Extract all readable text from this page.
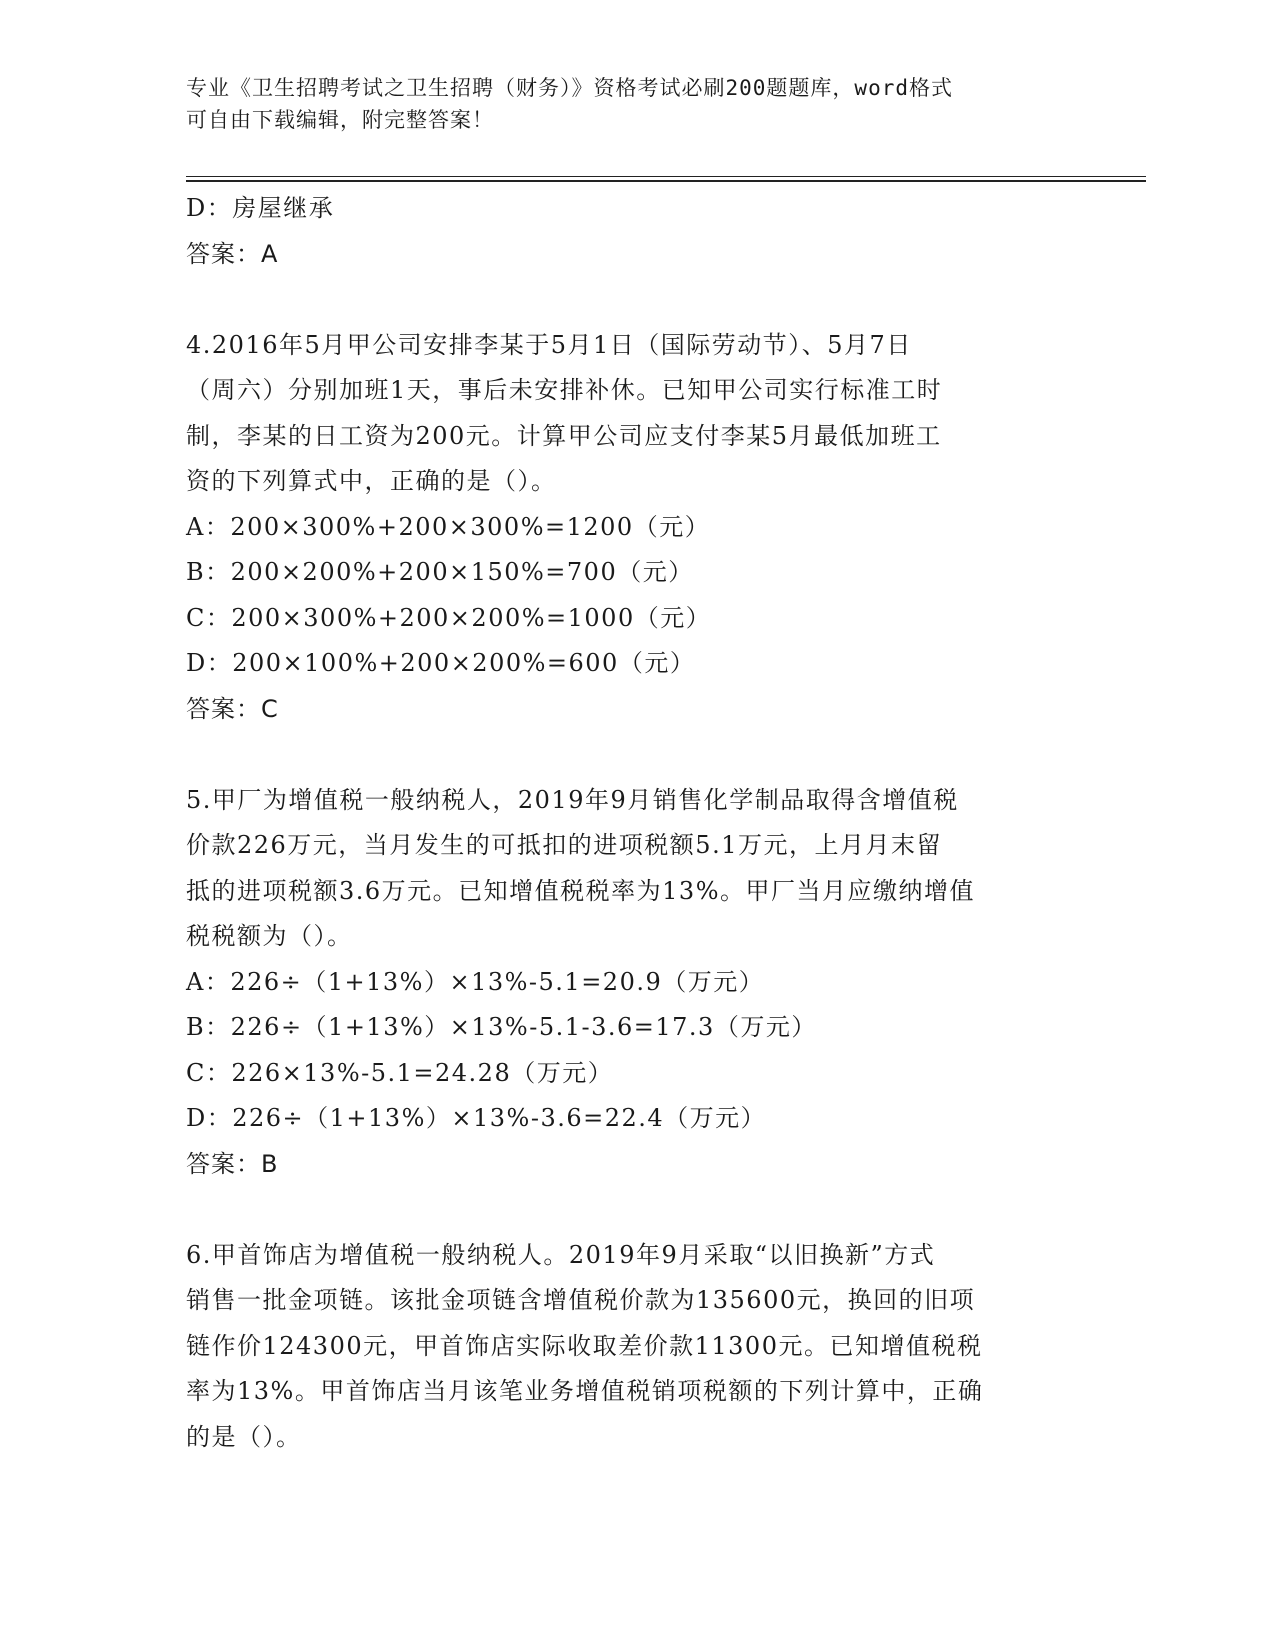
专业《卫生招聘考试之卫生招聘（财务）》资格考试必刷200题题库，word格式
可自由下载编辑，附完整答案！
D：房屋继承
答案：A
4.2016年5月甲公司安排李某于5月1日（国际劳动节）、5月7日
（周六）分别加班1天，事后未安排补休。已知甲公司实行标准工时
制，李某的日工资为200元。计算甲公司应支付李某5月最低加班工
资的下列算式中，正确的是（）。
A：200×300%+200×300%=1200（元）
B：200×200%+200×150%=700（元）
C：200×300%+200×200%=1000（元）
D：200×100%+200×200%=600（元）
答案：C
5.甲厂为增值税一般纳税人，2019年9月销售化学制品取得含增值税
价款226万元，当月发生的可抵扣的进项税额5.1万元，上月月末留
抵的进项税额3.6万元。已知增值税税率为13%。甲厂当月应缴纳增值
税税额为（）。
A：226÷（1+13%）×13%-5.1=20.9（万元）
B：226÷（1+13%）×13%-5.1-3.6=17.3（万元）
C：226×13%-5.1=24.28（万元）
D：226÷（1+13%）×13%-3.6=22.4（万元）
答案：B
6.甲首饰店为增值税一般纳税人。2019年9月采取“以旧换新”方式
销售一批金项链。该批金项链含增值税价款为135600元，换回的旧项
链作价124300元，甲首饰店实际收取差价款11300元。已知增值税税
率为13%。甲首饰店当月该笔业务增值税销项税额的下列计算中，正确
的是（）。
